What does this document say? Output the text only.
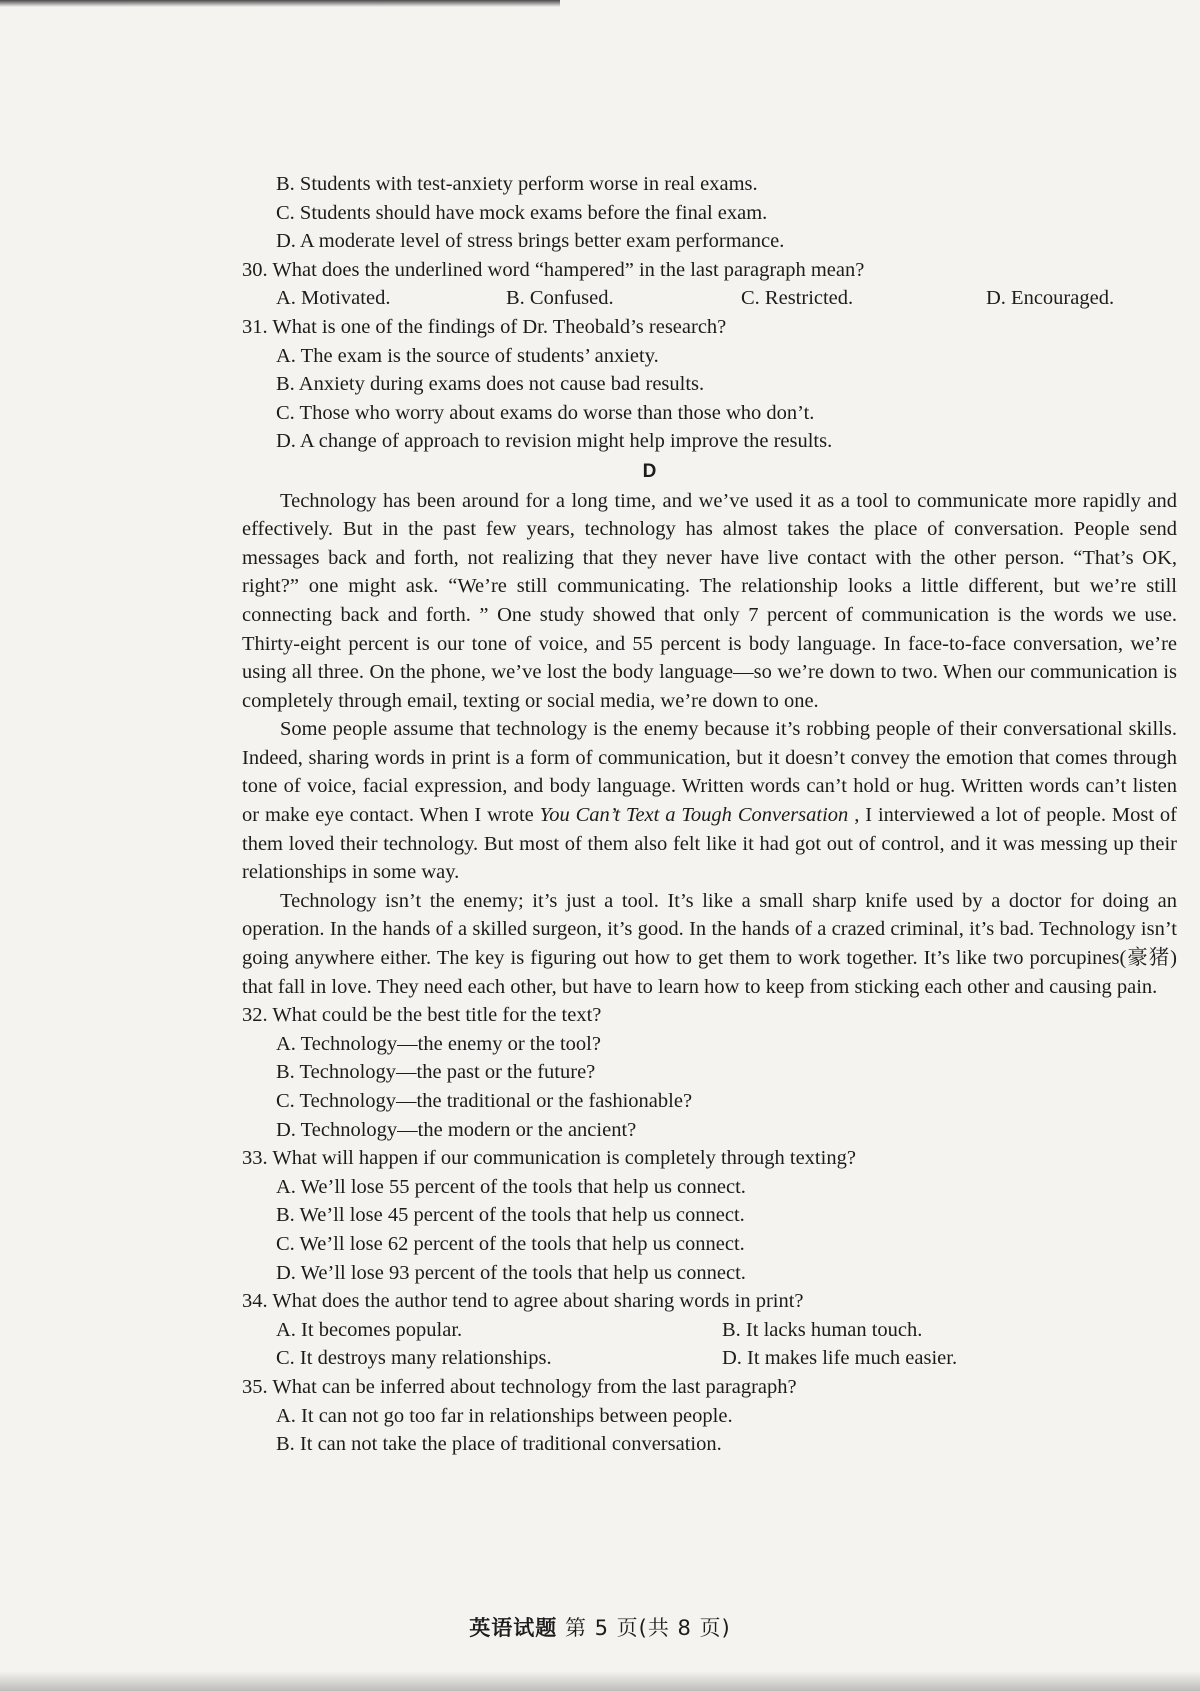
B. Students with test-anxiety perform worse in real exams.
C. Students should have mock exams before the final exam.
D. A moderate level of stress brings better exam performance.
30. What does the underlined word “hampered” in the last paragraph mean?
A. Motivated.	B. Confused.	C. Restricted.	D. Encouraged.
31. What is one of the findings of Dr. Theobald’s research?
A. The exam is the source of students’ anxiety.
B. Anxiety during exams does not cause bad results.
C. Those who worry about exams do worse than those who don’t.
D. A change of approach to revision might help improve the results.
D

Technology has been around for a long time, and we’ve used it as a tool to communicate more rapidly and effectively. But in the past few years, technology has almost takes the place of conversation. People send messages back and forth, not realizing that they never have live contact with the other person. “That’s OK, right?” one might ask. “We’re still communicating. The relationship looks a little different, but we’re still connecting back and forth. ” One study showed that only 7 percent of communication is the words we use. Thirty-eight percent is our tone of voice, and 55 percent is body language. In face-to-face conversation, we’re using all three. On the phone, we’ve lost the body language—so we’re down to two. When our communication is completely through email, texting or social media, we’re down to one.

Some people assume that technology is the enemy because it’s robbing people of their conversational skills. Indeed, sharing words in print is a form of communication, but it doesn’t convey the emotion that comes through tone of voice, facial expression, and body language. Written words can’t hold or hug. Written words can’t listen or make eye contact. When I wrote You Can’t Text a Tough Conversation , I interviewed a lot of people. Most of them loved their technology. But most of them also felt like it had got out of control, and it was messing up their relationships in some way.

Technology isn’t the enemy; it’s just a tool. It’s like a small sharp knife used by a doctor for doing an operation. In the hands of a skilled surgeon, it’s good. In the hands of a crazed criminal, it’s bad. Technology isn’t going anywhere either. The key is figuring out how to get them to work together. It’s like two porcupines(豪猪) that fall in love. They need each other, but have to learn how to keep from sticking each other and causing pain.

32. What could be the best title for the text?
A. Technology—the enemy or the tool?
B. Technology—the past or the future?
C. Technology—the traditional or the fashionable?
D. Technology—the modern or the ancient?
33. What will happen if our communication is completely through texting?
A. We’ll lose 55 percent of the tools that help us connect.
B. We’ll lose 45 percent of the tools that help us connect.
C. We’ll lose 62 percent of the tools that help us connect.
D. We’ll lose 93 percent of the tools that help us connect.
34. What does the author tend to agree about sharing words in print?
A. It becomes popular.	B. It lacks human touch.
C. It destroys many relationships.	D. It makes life much easier.
35. What can be inferred about technology from the last paragraph?
A. It can not go too far in relationships between people.
B. It can not take the place of traditional conversation.
英语试题 第 5 页(共 8 页)
